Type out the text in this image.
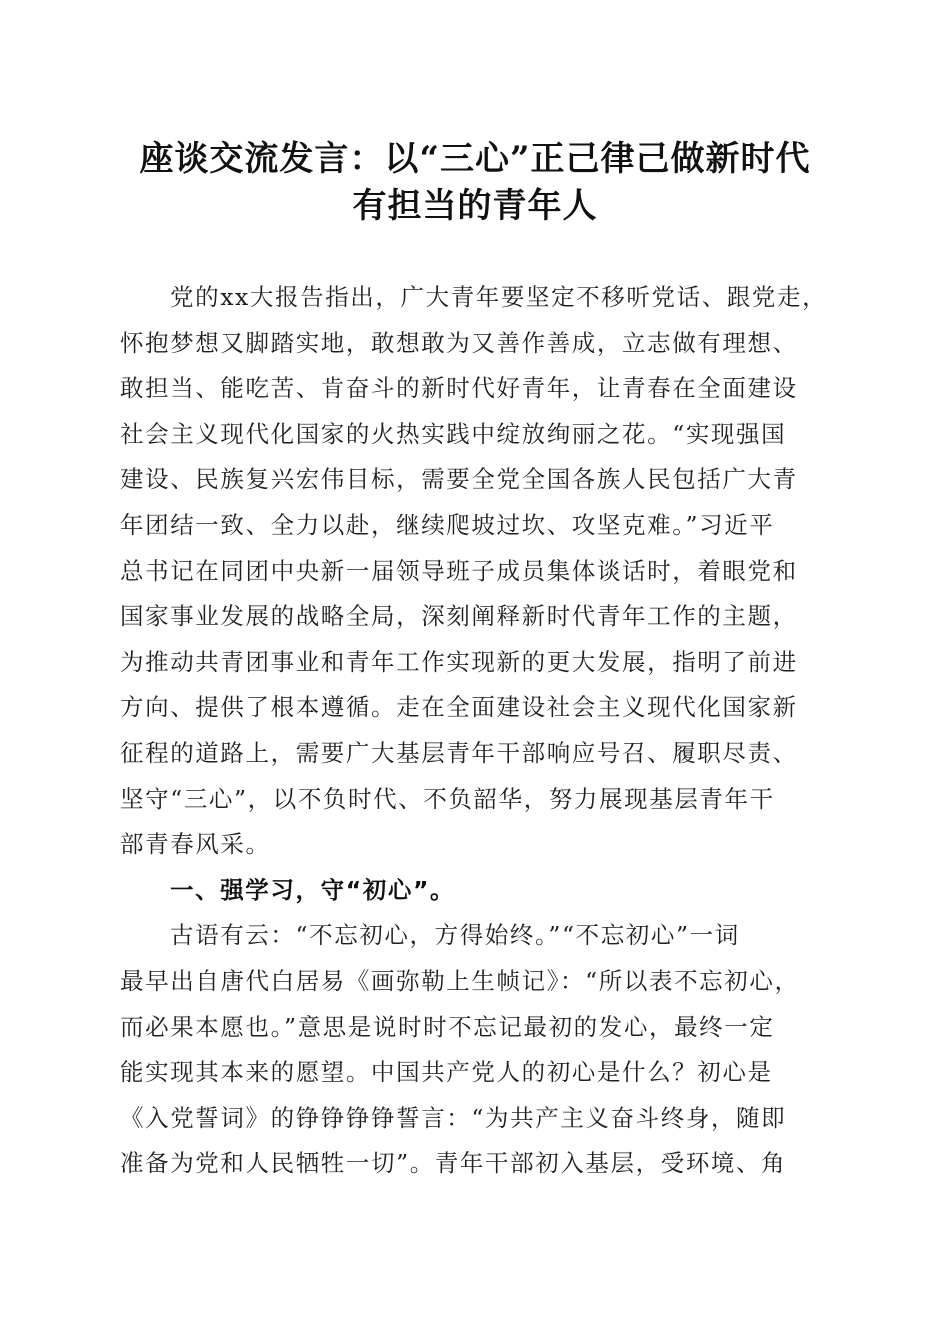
座谈交流发言：以“三心”正己律己做新时代
有担当的青年人
党的xx大报告指出，广大青年要坚定不移听党话、跟党走，
怀抱梦想又脚踏实地，敢想敢为又善作善成，立志做有理想、
敢担当、能吃苦、肯奋斗的新时代好青年，让青春在全面建设
社会主义现代化国家的火热实践中绽放绚丽之花。“实现强国
建设、民族复兴宏伟目标，需要全党全国各族人民包括广大青
年团结一致、全力以赴，继续爬坡过坎、攻坚克难。”习近平
总书记在同团中央新一届领导班子成员集体谈话时，着眼党和
国家事业发展的战略全局，深刻阐释新时代青年工作的主题，
为推动共青团事业和青年工作实现新的更大发展，指明了前进
方向、提供了根本遵循。走在全面建设社会主义现代化国家新
征程的道路上，需要广大基层青年干部响应号召、履职尽责、
坚守“三心”，以不负时代、不负韶华，努力展现基层青年干
部青春风采。
一、强学习，守“初心”。
古语有云：“不忘初心，方得始终。”“不忘初心”一词
最早出自唐代白居易《画弥勒上生帧记》：“所以表不忘初心，
而必果本愿也。”意思是说时时不忘记最初的发心，最终一定
能实现其本来的愿望。中国共产党人的初心是什么？初心是
《入党誓词》的铮铮铮铮誓言：“为共产主义奋斗终身，随即
准备为党和人民牺牲一切”。青年干部初入基层，受环境、角
